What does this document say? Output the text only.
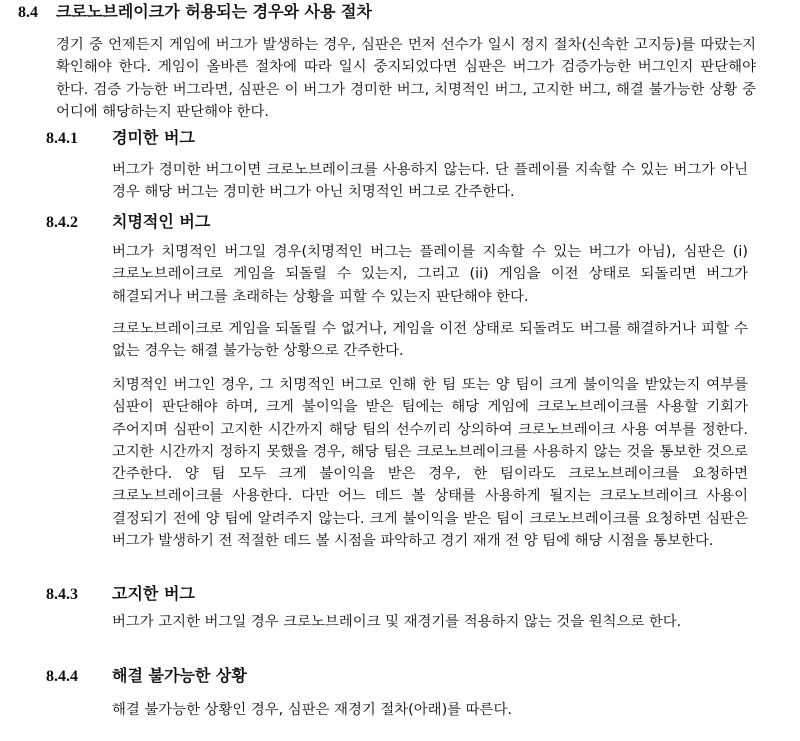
8.4 크로노브레이크가 허용되는 경우와 사용 절차

경기 중 언제든지 게임에 버그가 발생하는 경우, 심판은 먼저 선수가 일시 정지 절차(신속한 고지등)를 따랐는지 확인해야 한다. 게임이 올바른 절차에 따라 일시 중지되었다면 심판은 버그가 검증가능한 버그인지 판단해야 한다. 검증 가능한 버그라면, 심판은 이 버그가 경미한 버그, 치명적인 버그, 고지한 버그, 해결 불가능한 상황 중 어디에 해당하는지 판단해야 한다.

8.4.1 경미한 버그

버그가 경미한 버그이면 크로노브레이크를 사용하지 않는다. 단 플레이를 지속할 수 있는 버그가 아닌 경우 해당 버그는 경미한 버그가 아닌 치명적인 버그로 간주한다.

8.4.2 치명적인 버그

버그가 치명적인 버그일 경우(치명적인 버그는 플레이를 지속할 수 있는 버그가 아님), 심판은 (i) 크로노브레이크로 게임을 되돌릴 수 있는지, 그리고 (ii) 게임을 이전 상태로 되돌리면 버그가 해결되거나 버그를 초래하는 상황을 피할 수 있는지 판단해야 한다.

크로노브레이크로 게임을 되돌릴 수 없거나, 게임을 이전 상태로 되돌려도 버그를 해결하거나 피할 수 없는 경우는 해결 불가능한 상황으로 간주한다.

치명적인 버그인 경우, 그 치명적인 버그로 인해 한 팀 또는 양 팀이 크게 불이익을 받았는지 여부를 심판이 판단해야 하며, 크게 불이익을 받은 팀에는 해당 게임에 크로노브레이크를 사용할 기회가 주어지며 심판이 고지한 시간까지 해당 팀의 선수끼리 상의하여 크로노브레이크 사용 여부를 정한다. 고지한 시간까지 정하지 못했을 경우, 해당 팀은 크로노브레이크를 사용하지 않는 것을 통보한 것으로 간주한다. 양 팀 모두 크게 불이익을 받은 경우, 한 팀이라도 크로노브레이크를 요청하면 크로노브레이크를 사용한다. 다만 어느 데드 볼 상태를 사용하게 될지는 크로노브레이크 사용이 결정되기 전에 양 팀에 알려주지 않는다. 크게 불이익을 받은 팀이 크로노브레이크를 요청하면 심판은 버그가 발생하기 전 적절한 데드 볼 시점을 파악하고 경기 재개 전 양 팀에 해당 시점을 통보한다.

8.4.3 고지한 버그

버그가 고지한 버그일 경우 크로노브레이크 및 재경기를 적용하지 않는 것을 원칙으로 한다.

8.4.4 해결 불가능한 상황

해결 불가능한 상황인 경우, 심판은 재경기 절차(아래)를 따른다.
